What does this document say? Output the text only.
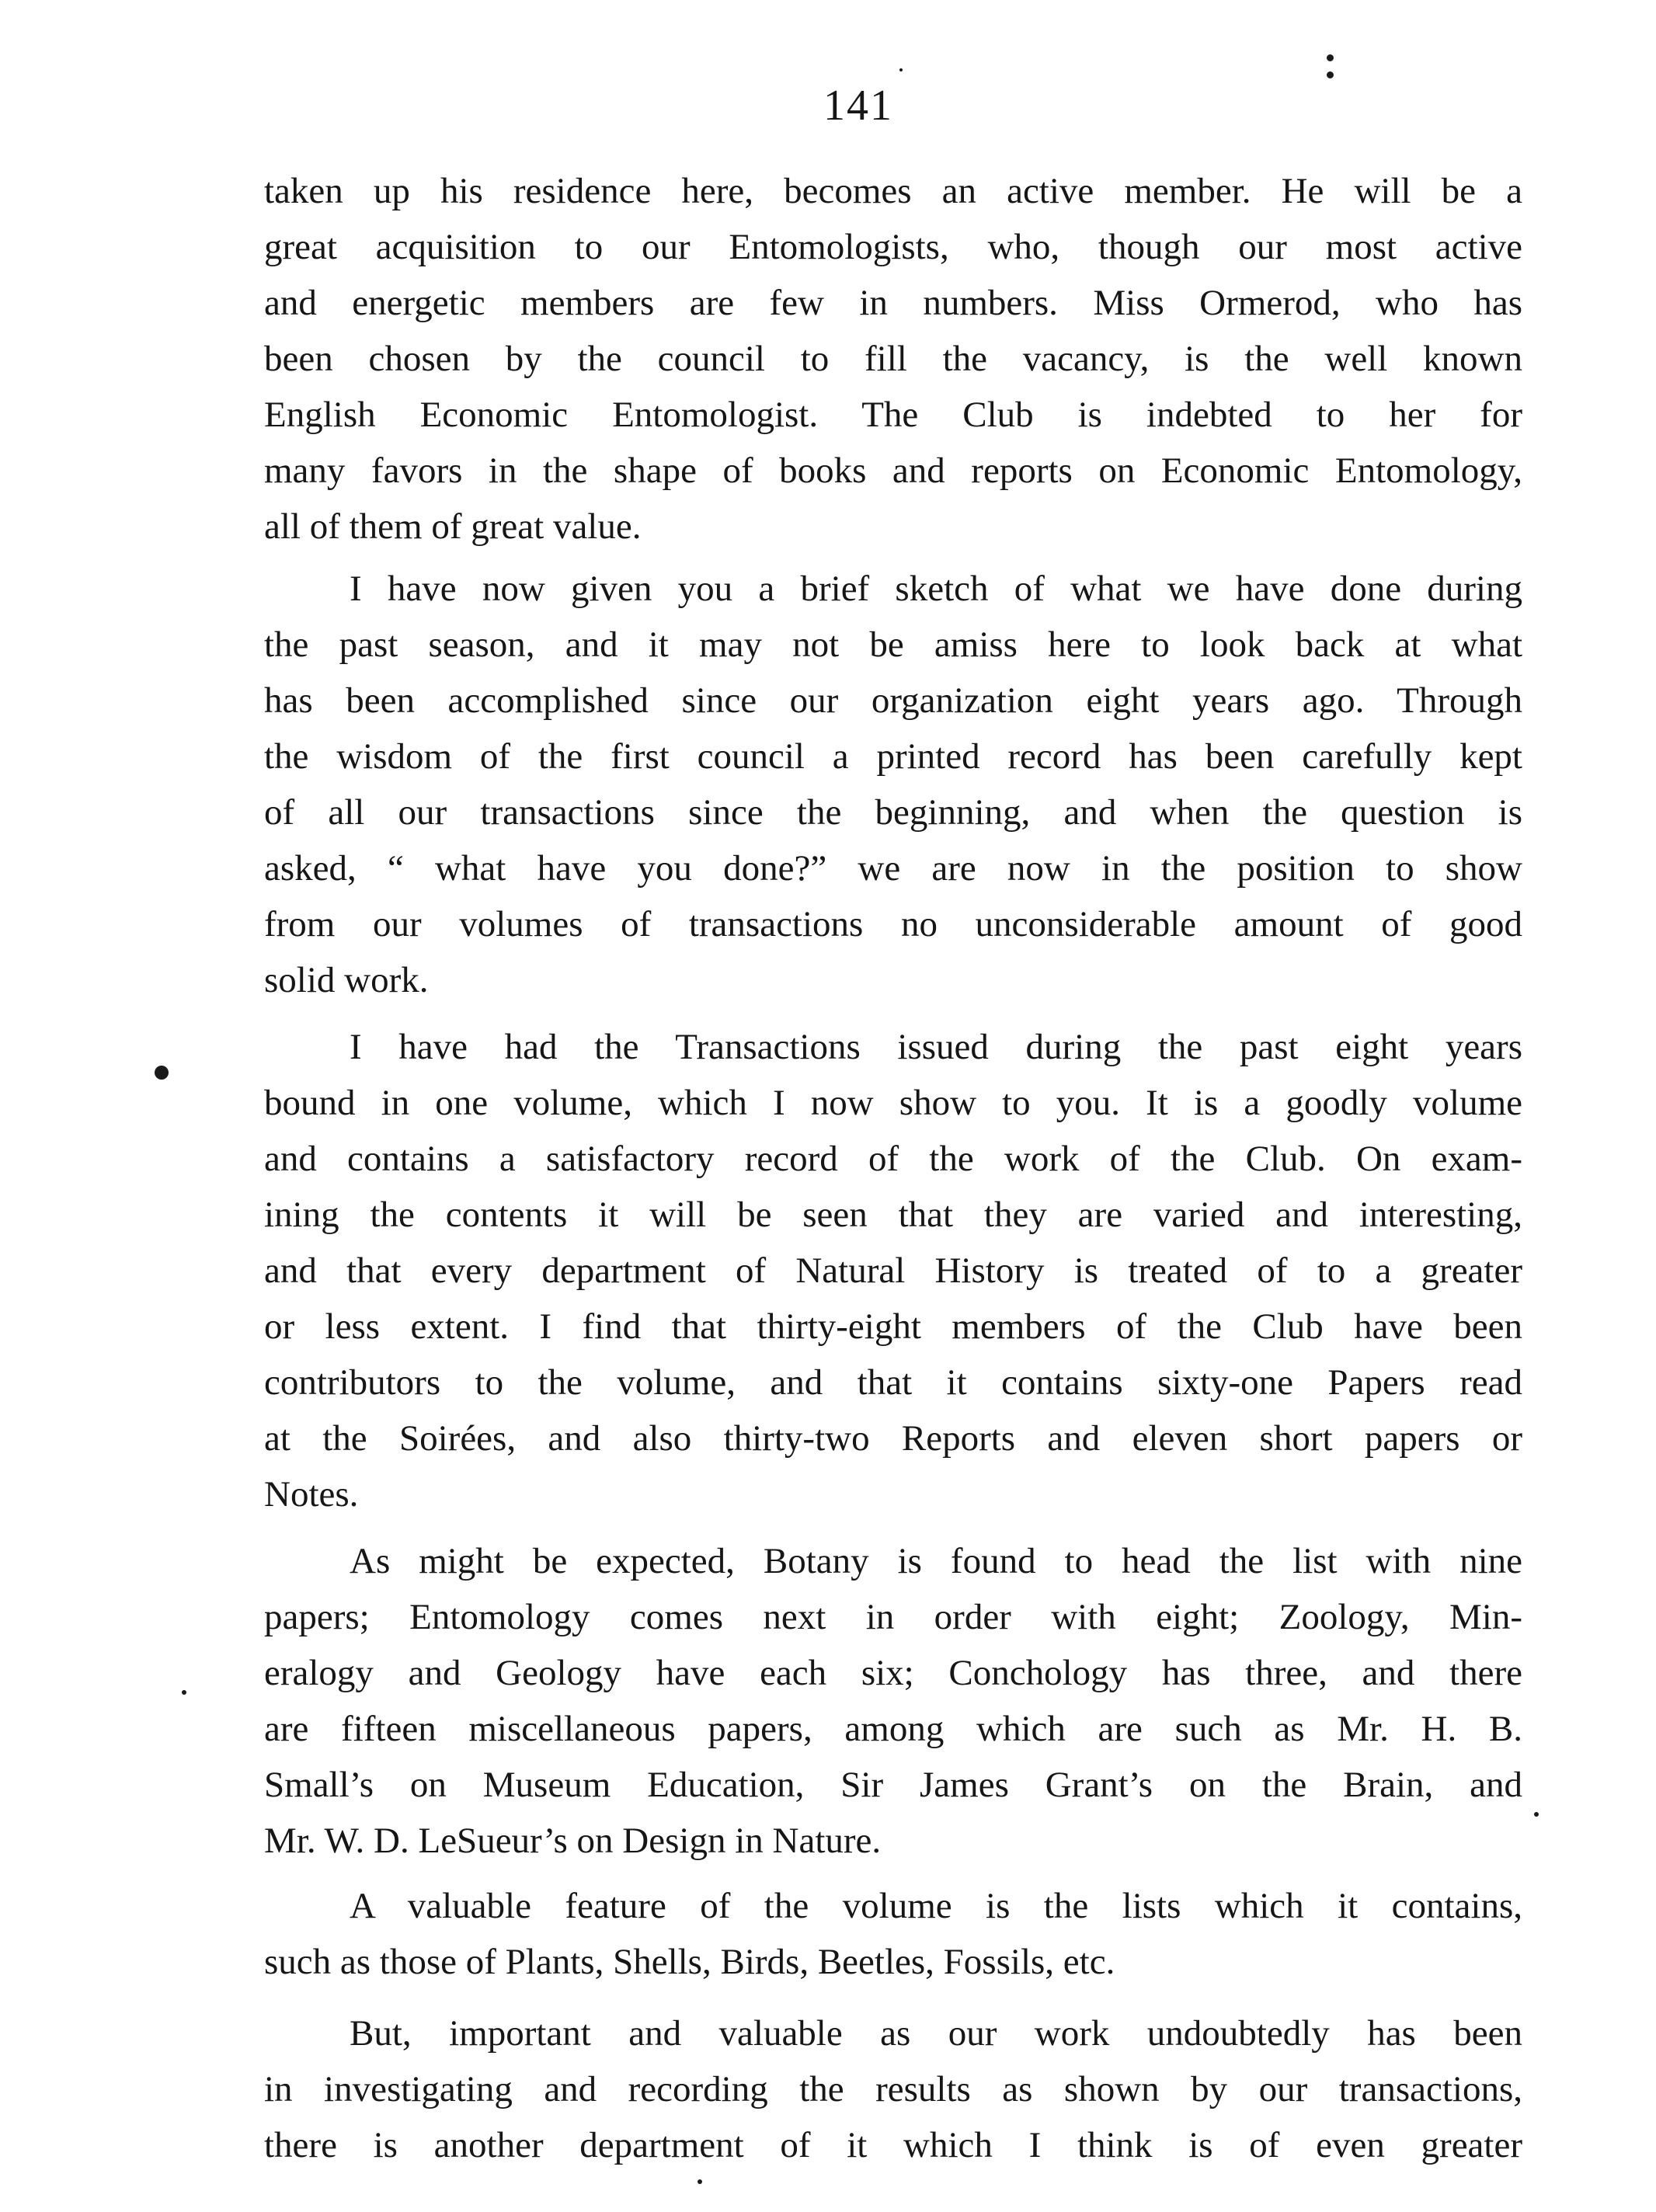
141
taken up his residence here, becomes an active member. He will be a
great acquisition to our Entomologists, who, though our most active
and energetic members are few in numbers. Miss Ormerod, who has
been chosen by the council to fill the vacancy, is the well known
English Economic Entomologist. The Club is indebted to her for
many favors in the shape of books and reports on Economic Entomology,
all of them of great value.
I have now given you a brief sketch of what we have done during
the past season, and it may not be amiss here to look back at what
has been accomplished since our organization eight years ago. Through
the wisdom of the first council a printed record has been carefully kept
of all our transactions since the beginning, and when the question is
asked, “ what have you done?” we are now in the position to show
from our volumes of transactions no unconsiderable amount of good
solid work.
I have had the Transactions issued during the past eight years
bound in one volume, which I now show to you. It is a goodly volume
and contains a satisfactory record of the work of the Club. On exam-
ining the contents it will be seen that they are varied and interesting,
and that every department of Natural History is treated of to a greater
or less extent. I find that thirty-eight members of the Club have been
contributors to the volume, and that it contains sixty-one Papers read
at the Soirées, and also thirty-two Reports and eleven short papers or
Notes.
As might be expected, Botany is found to head the list with nine
papers; Entomology comes next in order with eight; Zoology, Min-
eralogy and Geology have each six; Conchology has three, and there
are fifteen miscellaneous papers, among which are such as Mr. H. B.
Small’s on Museum Education, Sir James Grant’s on the Brain, and
Mr. W. D. LeSueur’s on Design in Nature.
A valuable feature of the volume is the lists which it contains,
such as those of Plants, Shells, Birds, Beetles, Fossils, etc.
But, important and valuable as our work undoubtedly has been
in investigating and recording the results as shown by our transactions,
there is another department of it which I think is of even greater
